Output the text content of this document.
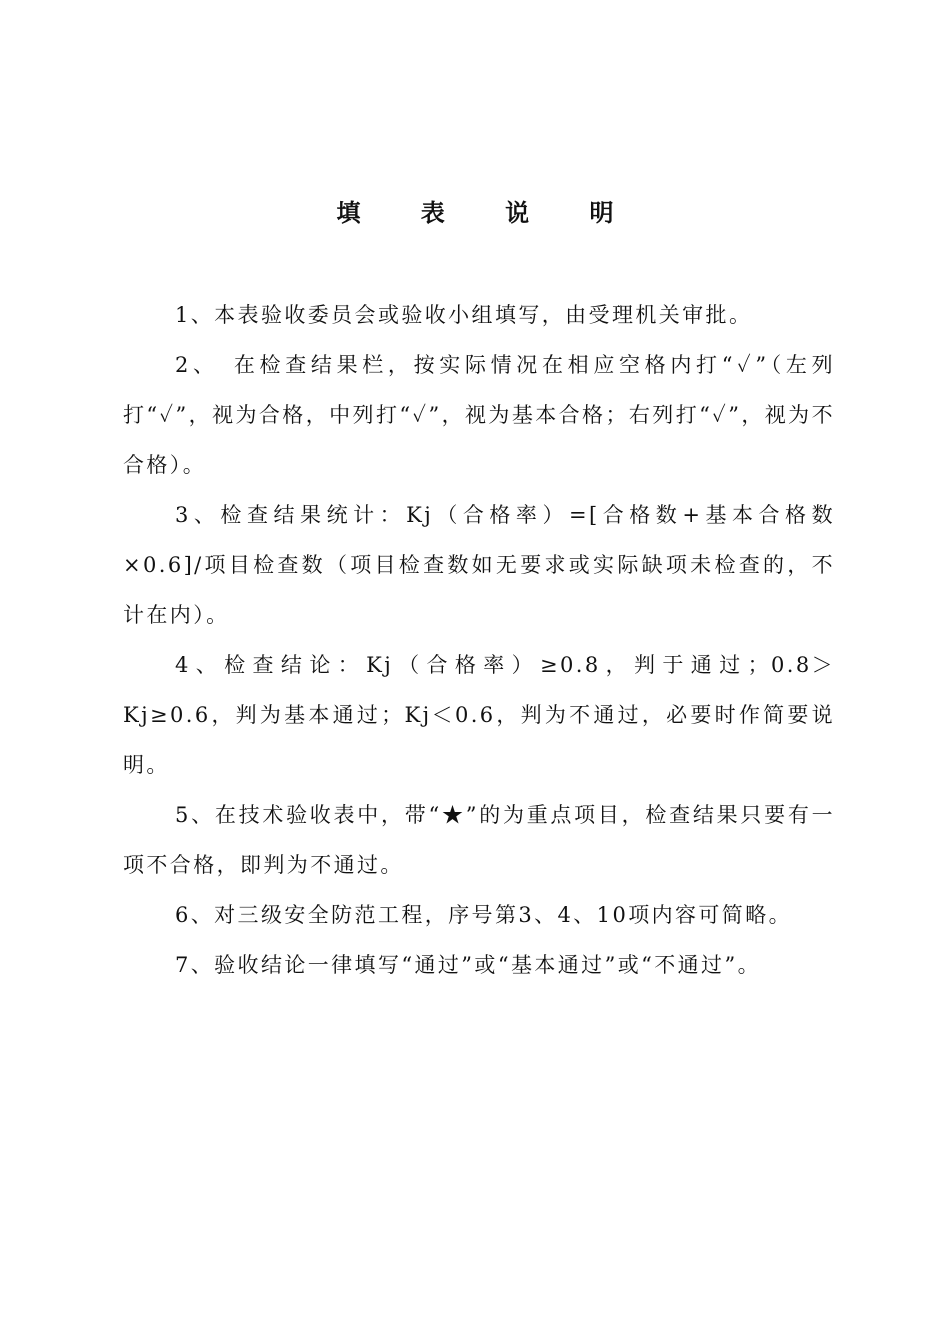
填 表 说 明

1、本表验收委员会或验收小组填写，由受理机关审批。

2、　在检查结果栏，按实际情况在相应空格内打“✓”（左列打“✓”，视为合格，中列打“✓”，视为基本合格；右列打“✓”，视为不合格）。

3、检查结果统计：Kj（合格率）=[合格数+基本合格数×0.6]/项目检查数（项目检查数如无要求或实际缺项未检查的，不计在内）。

4、检查结论：Kj（合格率）≥0.8，判于通过；0.8＞Kj≥0.6，判为基本通过；Kj＜0.6，判为不通过，必要时作简要说明。

5、在技术验收表中，带“★”的为重点项目，检查结果只要有一项不合格，即判为不通过。

6、对三级安全防范工程，序号第3、4、10项内容可简略。

7、验收结论一律填写“通过”或“基本通过”或“不通过”。
